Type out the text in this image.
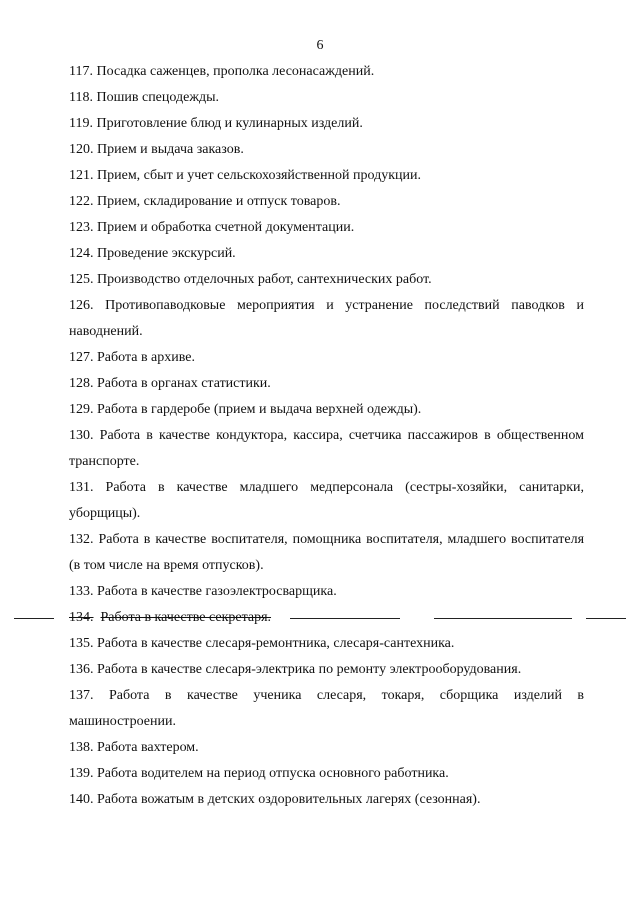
6
117. Посадка саженцев, прополка лесонасаждений.
118. Пошив спецодежды.
119. Приготовление блюд и кулинарных изделий.
120. Прием и выдача заказов.
121. Прием, сбыт и учет сельскохозяйственной продукции.
122. Прием, складирование и отпуск товаров.
123. Прием и обработка счетной документации.
124. Проведение экскурсий.
125. Производство отделочных работ, сантехнических работ.
126. Противопаводковые мероприятия и устранение последствий паводков и наводнений.
127. Работа в архиве.
128. Работа в органах статистики.
129. Работа в гардеробе (прием и выдача верхней одежды).
130. Работа в качестве кондуктора, кассира, счетчика пассажиров в общественном транспорте.
131. Работа в качестве младшего медперсонала (сестры-хозяйки, санитарки, уборщицы).
132. Работа в качестве воспитателя, помощника воспитателя, младшего воспитателя (в том числе на время отпусков).
133. Работа в качестве газоэлектросварщика.
134. Работа в качестве секретаря.
135. Работа в качестве слесаря-ремонтника, слесаря-сантехника.
136. Работа в качестве слесаря-электрика по ремонту электрооборудования.
137. Работа в качестве ученика слесаря, токаря, сборщика изделий в машиностроении.
138. Работа вахтером.
139. Работа водителем на период отпуска основного работника.
140. Работа вожатым в детских оздоровительных лагерях (сезонная).
